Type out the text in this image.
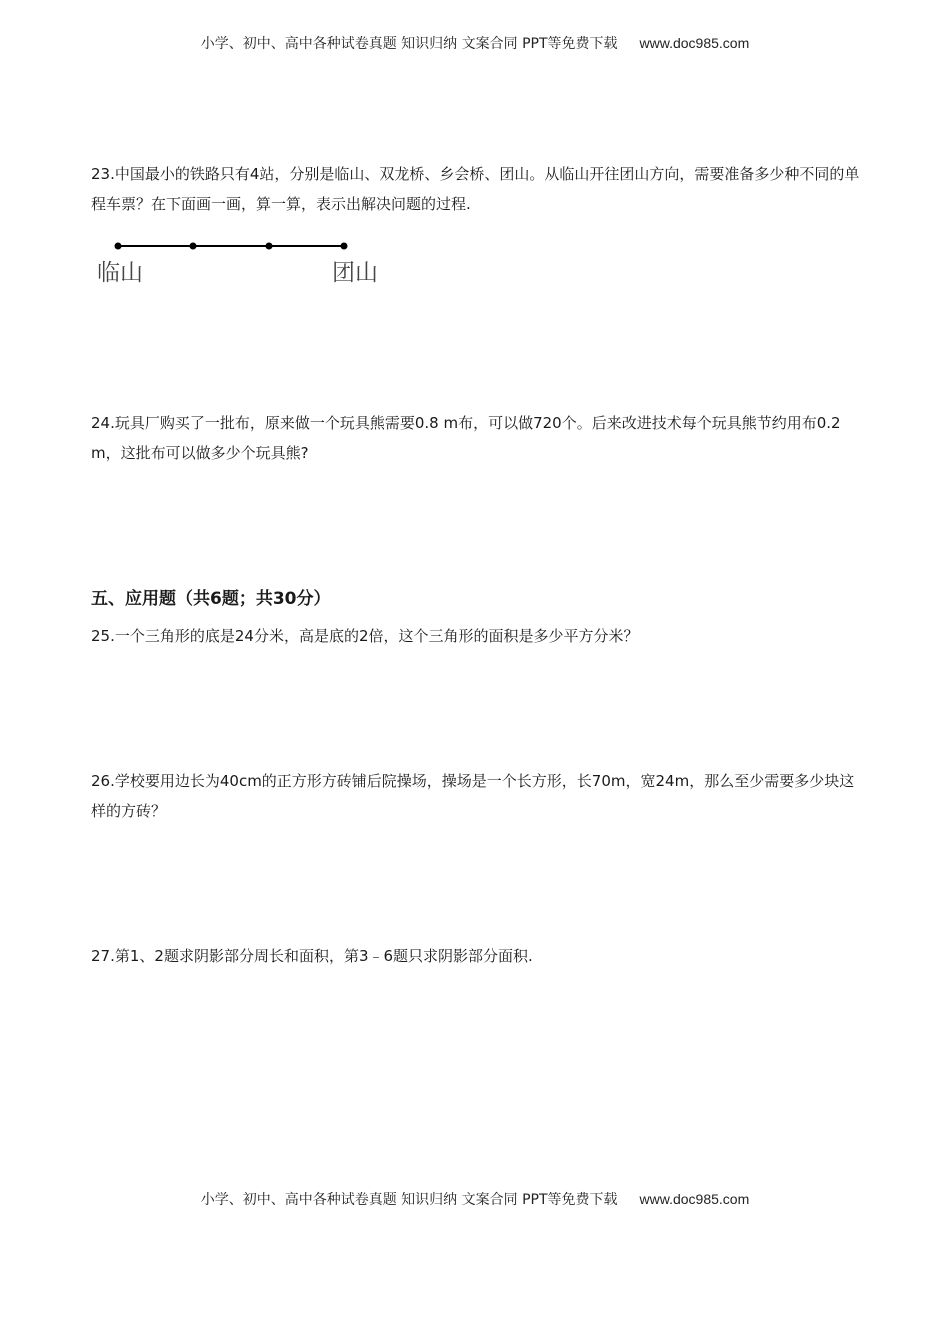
小学、初中、高中各种试卷真题 知识归纳 文案合同 PPT等免费下载 www.doc985.com

23.中国最小的铁路只有4站，分别是临山、双龙桥、乡会桥、团山。从临山开往团山方向，需要准备多少种不同的单程车票？在下面画一画，算一算，表示出解决问题的过程.

临山	团山

24.玩具厂购买了一批布，原来做一个玩具熊需要0.8 m布，可以做720个。后来改进技术每个玩具熊节约用布0.2 m，这批布可以做多少个玩具熊?

五、应用题（共6题；共30分）

25.一个三角形的底是24分米，高是底的2倍，这个三角形的面积是多少平方分米？

26.学校要用边长为40cm的正方形方砖铺后院操场，操场是一个长方形，长70m，宽24m，那么至少需要多少块这样的方砖？

27.第1、2题求阴影部分周长和面积，第3﹣6题只求阴影部分面积.

小学、初中、高中各种试卷真题 知识归纳 文案合同 PPT等免费下载 www.doc985.com
